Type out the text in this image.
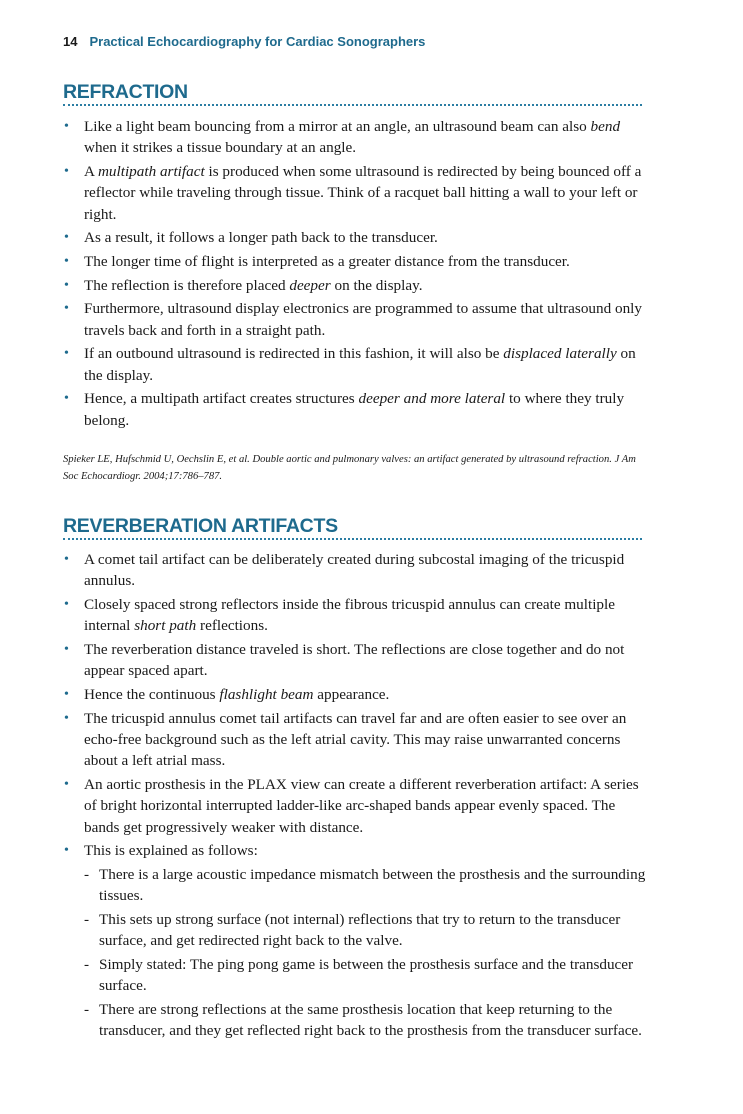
14 Practical Echocardiography for Cardiac Sonographers
REFRACTION
• Like a light beam bouncing from a mirror at an angle, an ultrasound beam can also bend when it strikes a tissue boundary at an angle.
• A multipath artifact is produced when some ultrasound is redirected by being bounced off a reflector while traveling through tissue. Think of a racquet ball hitting a wall to your left or right.
• As a result, it follows a longer path back to the transducer.
• The longer time of flight is interpreted as a greater distance from the transducer.
• The reflection is therefore placed deeper on the display.
• Furthermore, ultrasound display electronics are programmed to assume that ultrasound only travels back and forth in a straight path.
• If an outbound ultrasound is redirected in this fashion, it will also be displaced laterally on the display.
• Hence, a multipath artifact creates structures deeper and more lateral to where they truly belong.
Spieker LE, Hufschmid U, Oechslin E, et al. Double aortic and pulmonary valves: an artifact generated by ultrasound refraction. J Am Soc Echocardiogr. 2004;17:786–787.
REVERBERATION ARTIFACTS
• A comet tail artifact can be deliberately created during subcostal imaging of the tricuspid annulus.
• Closely spaced strong reflectors inside the fibrous tricuspid annulus can create multiple internal short path reflections.
• The reverberation distance traveled is short. The reflections are close together and do not appear spaced apart.
• Hence the continuous flashlight beam appearance.
• The tricuspid annulus comet tail artifacts can travel far and are often easier to see over an echo-free background such as the left atrial cavity. This may raise unwarranted concerns about a left atrial mass.
• An aortic prosthesis in the PLAX view can create a different reverberation artifact: A series of bright horizontal interrupted ladder-like arc-shaped bands appear evenly spaced. The bands get progressively weaker with distance.
• This is explained as follows:
- There is a large acoustic impedance mismatch between the prosthesis and the surrounding tissues.
- This sets up strong surface (not internal) reflections that try to return to the transducer surface, and get redirected right back to the valve.
- Simply stated: The ping pong game is between the prosthesis surface and the transducer surface.
- There are strong reflections at the same prosthesis location that keep returning to the transducer, and they get reflected right back to the prosthesis from the transducer surface.
